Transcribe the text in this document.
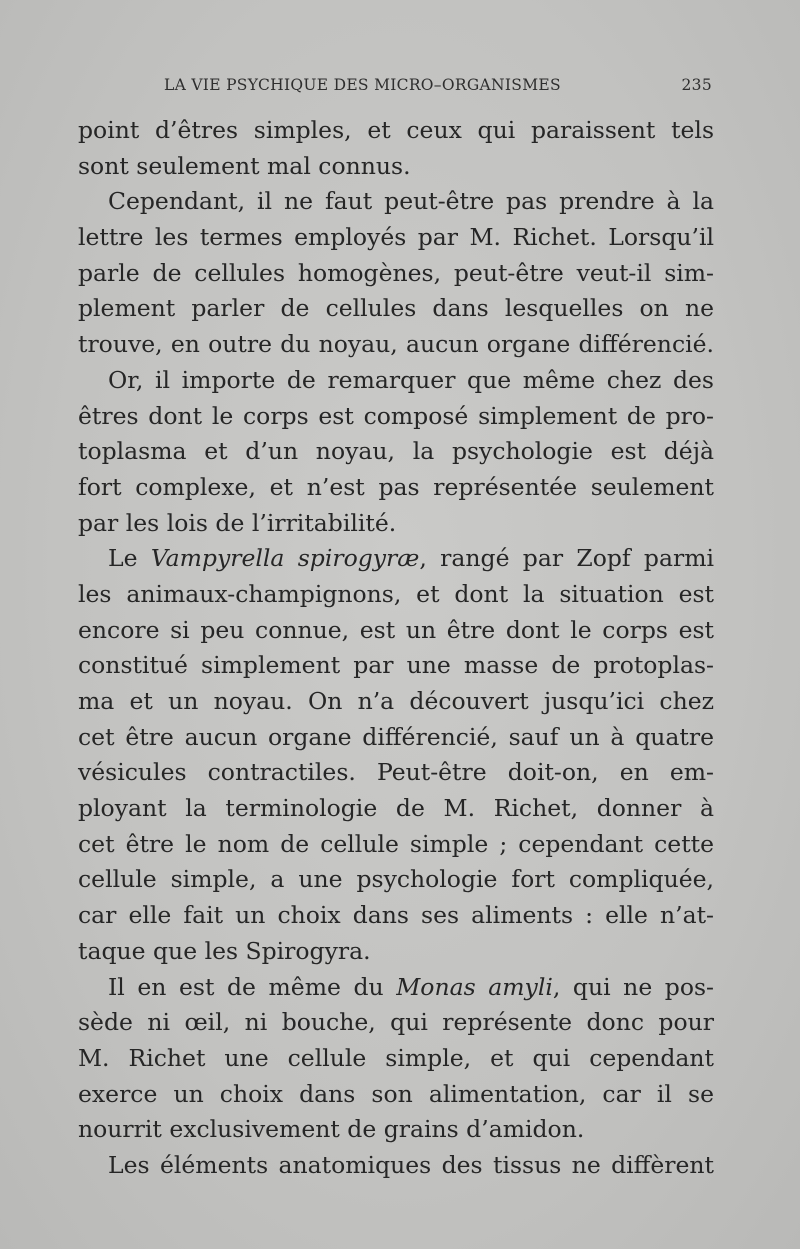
LA VIE PSYCHIQUE DES MICRO–ORGANISMES	235
point d’êtres simples, et ceux qui paraissent tels
sont seulement mal connus.
Cependant, il ne faut peut-être pas prendre à la
lettre les termes employés par M. Richet. Lorsqu’il
parle de cellules homogènes, peut-être veut-il sim-
plement parler de cellules dans lesquelles on ne
trouve, en outre du noyau, aucun organe différencié.
Or, il importe de remarquer que même chez des
êtres dont le corps est composé simplement de pro-
toplasma et d’un noyau, la psychologie est déjà
fort complexe, et n’est pas représentée seulement
par les lois de l’irritabilité.
Le Vampyrella spirogyræ, rangé par Zopf parmi
les animaux-champignons, et dont la situation est
encore si peu connue, est un être dont le corps est
constitué simplement par une masse de protoplas-
ma et un noyau. On n’a découvert jusqu’ici chez
cet être aucun organe différencié, sauf un à quatre
vésicules contractiles. Peut-être doit-on, en em-
ployant la terminologie de M. Richet, donner à
cet être le nom de cellule simple ; cependant cette
cellule simple, a une psychologie fort compliquée,
car elle fait un choix dans ses aliments : elle n’at-
taque que les Spirogyra.
Il en est de même du Monas amyli, qui ne pos-
sède ni œil, ni bouche, qui représente donc pour
M. Richet une cellule simple, et qui cependant
exerce un choix dans son alimentation, car il se
nourrit exclusivement de grains d’amidon.
Les éléments anatomiques des tissus ne diffèrent
